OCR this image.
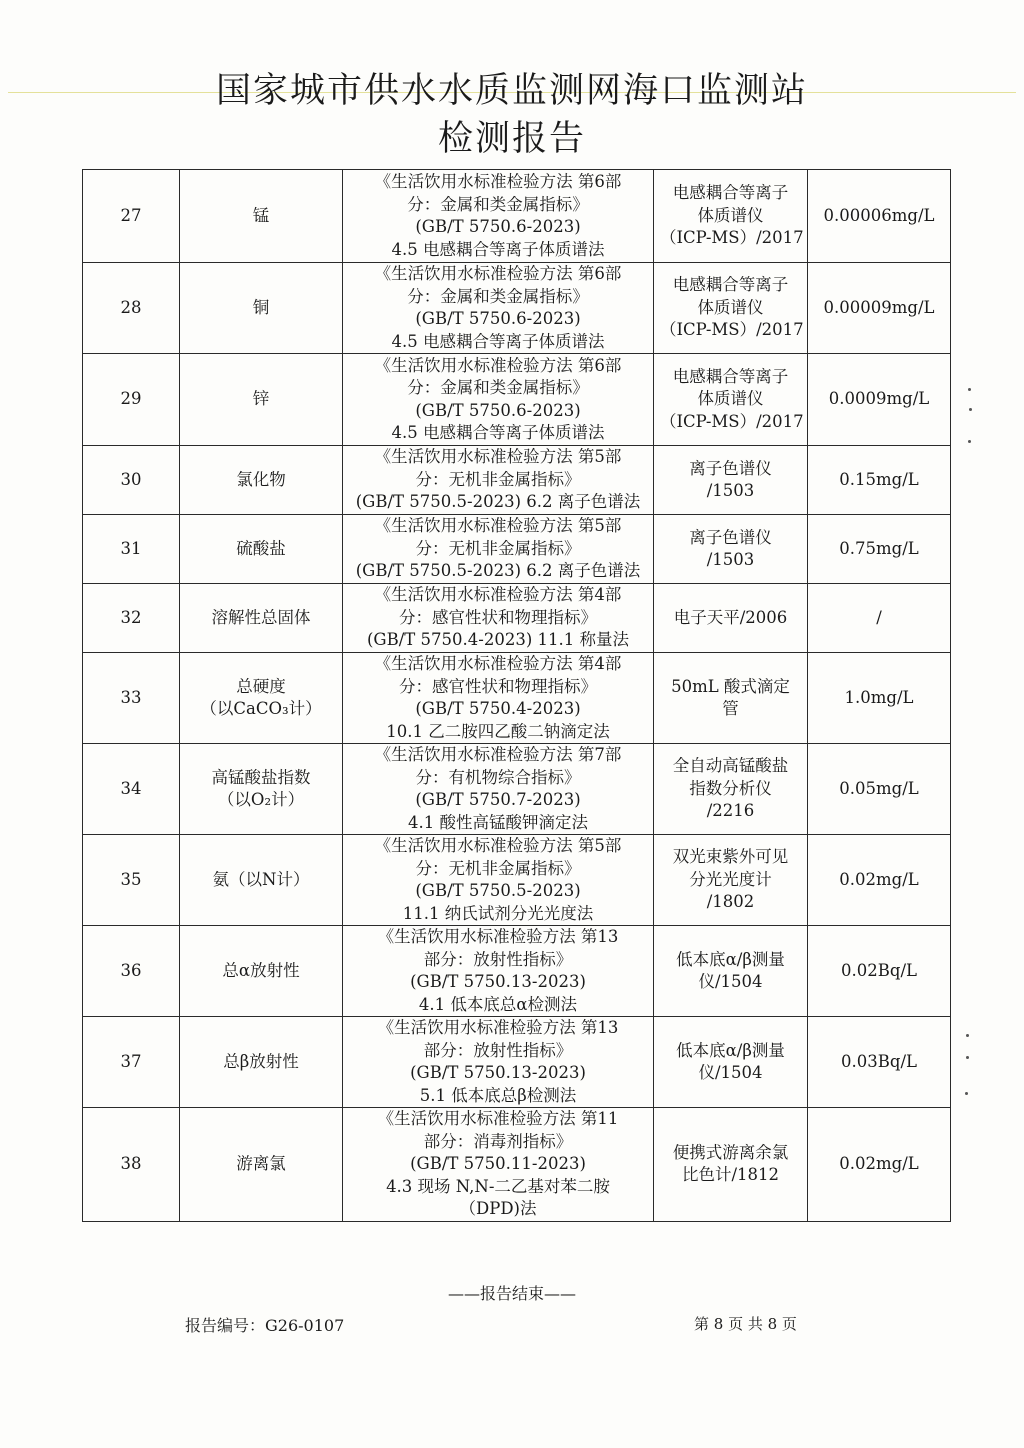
国家城市供水水质监测网海口监测站
检测报告
27	锰	《生活饮用水标准检验方法 第6部
分：金属和类金属指标》
(GB/T 5750.6-2023)
4.5 电感耦合等离子体质谱法	电感耦合等离子
体质谱仪
（ICP-MS）/2017	0.00006mg/L
28	铜	《生活饮用水标准检验方法 第6部
分：金属和类金属指标》
(GB/T 5750.6-2023)
4.5 电感耦合等离子体质谱法	电感耦合等离子
体质谱仪
（ICP-MS）/2017	0.00009mg/L
29	锌	《生活饮用水标准检验方法 第6部
分：金属和类金属指标》
(GB/T 5750.6-2023)
4.5 电感耦合等离子体质谱法	电感耦合等离子
体质谱仪
（ICP-MS）/2017	0.0009mg/L
30	氯化物	《生活饮用水标准检验方法 第5部
分：无机非金属指标》
(GB/T 5750.5-2023) 6.2 离子色谱法	离子色谱仪
/1503	0.15mg/L
31	硫酸盐	《生活饮用水标准检验方法 第5部
分：无机非金属指标》
(GB/T 5750.5-2023) 6.2 离子色谱法	离子色谱仪
/1503	0.75mg/L
32	溶解性总固体	《生活饮用水标准检验方法 第4部
分：感官性状和物理指标》
(GB/T 5750.4-2023) 11.1 称量法	电子天平/2006	/
33	总硬度
（以CaCO₃计）	《生活饮用水标准检验方法 第4部
分：感官性状和物理指标》
(GB/T 5750.4-2023)
10.1 乙二胺四乙酸二钠滴定法	50mL 酸式滴定
管	1.0mg/L
34	高锰酸盐指数
（以O₂计）	《生活饮用水标准检验方法 第7部
分：有机物综合指标》
(GB/T 5750.7-2023)
4.1 酸性高锰酸钾滴定法	全自动高锰酸盐
指数分析仪
/2216	0.05mg/L
35	氨（以N计）	《生活饮用水标准检验方法 第5部
分：无机非金属指标》
(GB/T 5750.5-2023)
11.1 纳氏试剂分光光度法	双光束紫外可见
分光光度计
/1802	0.02mg/L
36	总α放射性	《生活饮用水标准检验方法 第13
部分：放射性指标》
(GB/T 5750.13-2023)
4.1 低本底总α检测法	低本底α/β测量
仪/1504	0.02Bq/L
37	总β放射性	《生活饮用水标准检验方法 第13
部分：放射性指标》
(GB/T 5750.13-2023)
5.1 低本底总β检测法	低本底α/β测量
仪/1504	0.03Bq/L
38	游离氯	《生活饮用水标准检验方法 第11
部分：消毒剂指标》
(GB/T 5750.11-2023)
4.3 现场 N,N-二乙基对苯二胺
（DPD)法	便携式游离余氯
比色计/1812	0.02mg/L
——报告结束——
报告编号：G26-0107	第 8 页 共 8 页
